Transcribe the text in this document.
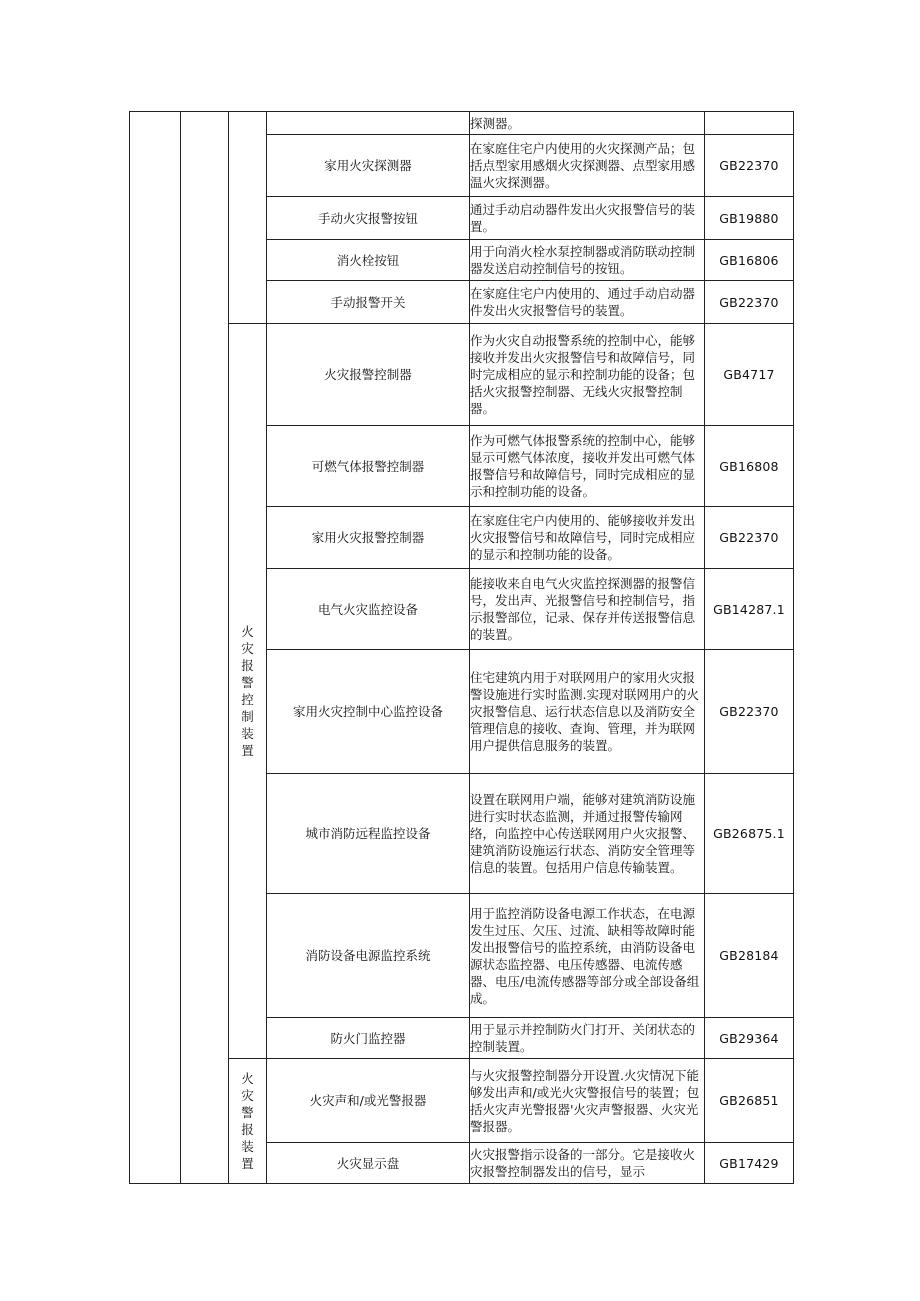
				探测器。	
			家用火灾探测器	在家庭住宅户内使用的火灾探测产品；包括点型家用感烟火灾探测器、点型家用感温火灾探测器。	GB22370
			手动火灾报警按钮	通过手动启动器件发出火灾报警信号的装置。	GB19880
			消火栓按钮	用于向消火栓水泵控制器或消防联动控制器发送启动控制信号的按钮。	GB16806
			手动报警开关	在家庭住宅户内使用的、通过手动启动器件发出火灾报警信号的装置。	GB22370
		火灾报警控制装置	火灾报警控制器	作为火灾自动报警系统的控制中心，能够接收并发出火灾报警信号和故障信号，同时完成相应的显示和控制功能的设备；包括火灾报警控制器、无线火灾报警控制器。	GB4717
			可燃气体报警控制器	作为可燃气体报警系统的控制中心，能够显示可燃气体浓度，接收并发出可燃气体报警信号和故障信号，同时完成相应的显示和控制功能的设备。	GB16808
			家用火灾报警控制器	在家庭住宅户内使用的、能够接收并发出火灾报警信号和故障信号，同时完成相应的显示和控制功能的设备。	GB22370
			电气火灾监控设备	能接收来自电气火灾监控探测器的报警信号，发出声、光报警信号和控制信号，指示报警部位，记录、保存并传送报警信息的装置。	GB14287.1
			家用火灾控制中心监控设备	住宅建筑内用于对联网用户的家用火灾报警设施进行实时监测.实现对联网用户的火灾报警信息、运行状态信息以及消防安全管理信息的接收、查询、管理，并为联网用户提供信息服务的装置。	GB22370
			城市消防远程监控设备	设置在联网用户端，能够对建筑消防设施进行实时状态监测，并通过报警传输网络，向监控中心传送联网用户火灾报警、建筑消防设施运行状态、消防安全管理等信息的装置。包括用户信息传输装置。	GB26875.1
			消防设备电源监控系统	用于监控消防设备电源工作状态，在电源发生过压、欠压、过流、缺相等故障时能发出报警信号的监控系统，由消防设备电源状态监控器、电压传感器、电流传感器、电压/电流传感器等部分或全部设备组成。	GB28184
			防火门监控器	用于显示并控制防火门打开、关闭状态的控制装置。	GB29364
		火灾警报装置	火灾声和/或光警报器	与火灾报警控制器分开设置.火灾情况下能够发出声和/或光火灾警报信号的装置；包括火灾声光警报器'火灾声警报器、火灾光警报器。	GB26851
			火灾显示盘	火灾报警指示设备的一部分。它是接收火灾报警控制器发出的信号，显示	GB17429
